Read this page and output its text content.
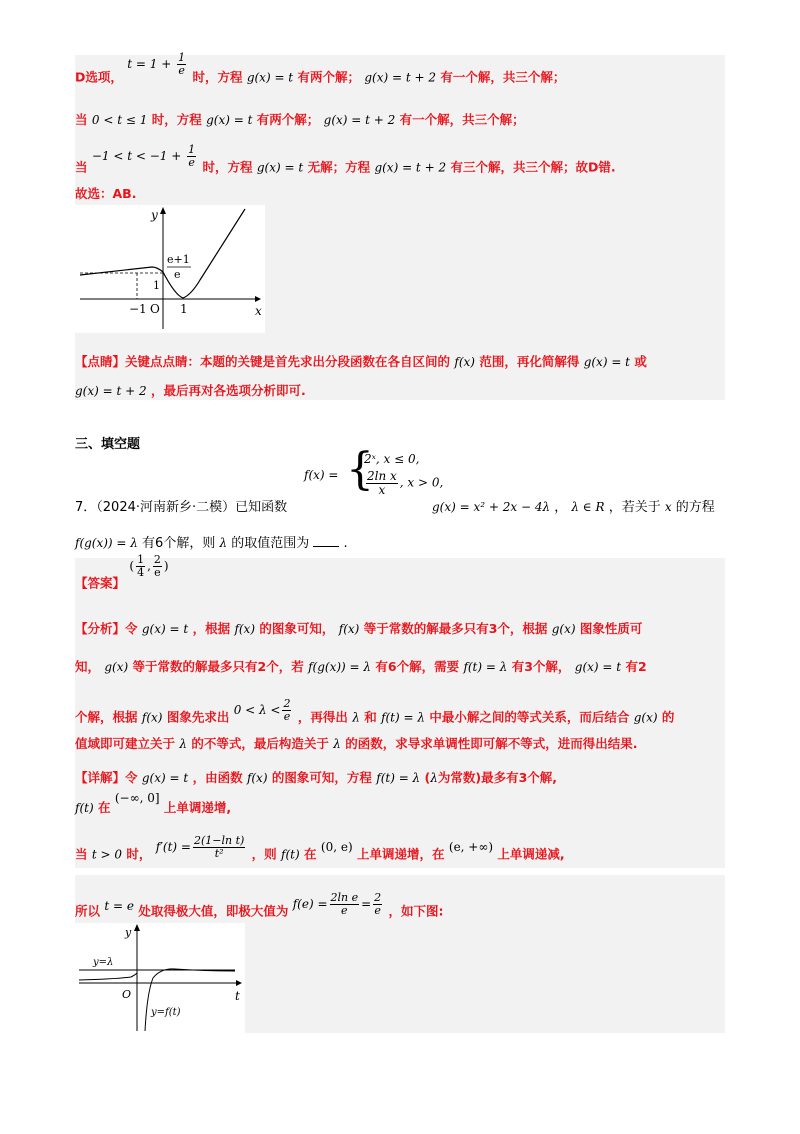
D选项， $t = 1 + \frac{1}{e}$
时，方程 g(x) = t 有两个解； g(x) = t + 2 有一个解，共三个解；
当 0 < t ≤ 1 时，方程 g(x) = t 有两个解； g(x) = t + 2 有一个解，共三个解；
当 $-1 < t < -1 + \frac{1}{e}$ 时，方程 g(x) = t 无解；方程 g(x) = t + 2 有三个解，共三个解；故D错.
故选：AB.
y
x
O
−1
1
1
e+1
e
【点睛】关键点点睛：本题的关键是首先求出分段函数在各自区间的 f(x) 范围，再化简解得 g(x) = t 或
g(x) = t + 2 ，最后再对各选项分析即可.
三、填空题
f(x) = {
2ˣ, x ≤ 0,
$\frac{\text{2ln x}}{x}$ , x > 0,
7．（2024·河南新乡·二模）已知函数	g(x) = x² + 2x − 4λ ， λ ∈ R ，若关于 x 的方程
f(g(x)) = λ 有6个解，则 λ 的取值范围为	.
【答案】 ( $\frac{1}{4}$ , $\frac{2}{e}$ )
【分析】令 g(x) = t ，根据 f(x) 的图象可知， f(x) 等于常数的解最多只有3个，根据 g(x) 图象性质可
知， g(x) 等于常数的解最多只有2个，若 f(g(x)) = λ 有6个解，需要 f(t) = λ 有3个解， g(x) = t 有2
个解，根据 f(x) 图象先求出 $0 < \lambda < \frac{2}{e}$ ，再得出 λ 和 f(t) = λ 中最小解之间的等式关系，而后结合 g(x) 的
值域即可建立关于 λ 的不等式，最后构造关于 λ 的函数，求导求单调性即可解不等式，进而得出结果.
【详解】令 g(x) = t ，由函数 f(x) 的图象可知，方程 f(t) = λ (λ为常数)最多有3个解,
f(t) 在 (−∞, 0] 上单调递增,
当 t > 0 时， $f'(t) = \frac{\text{2(1−ln t)}}{\text{t²}}$ ，则 f(t) 在 (0, e) 上单调递增，在 (e, +∞) 上单调递减,
所以 t = e 处取得极大值，即极大值为 $f(e) = \frac{\text{2ln e}}{e} = \frac{2}{e}$ ，如下图:
y
t
O
y=λ
y=f(t)
